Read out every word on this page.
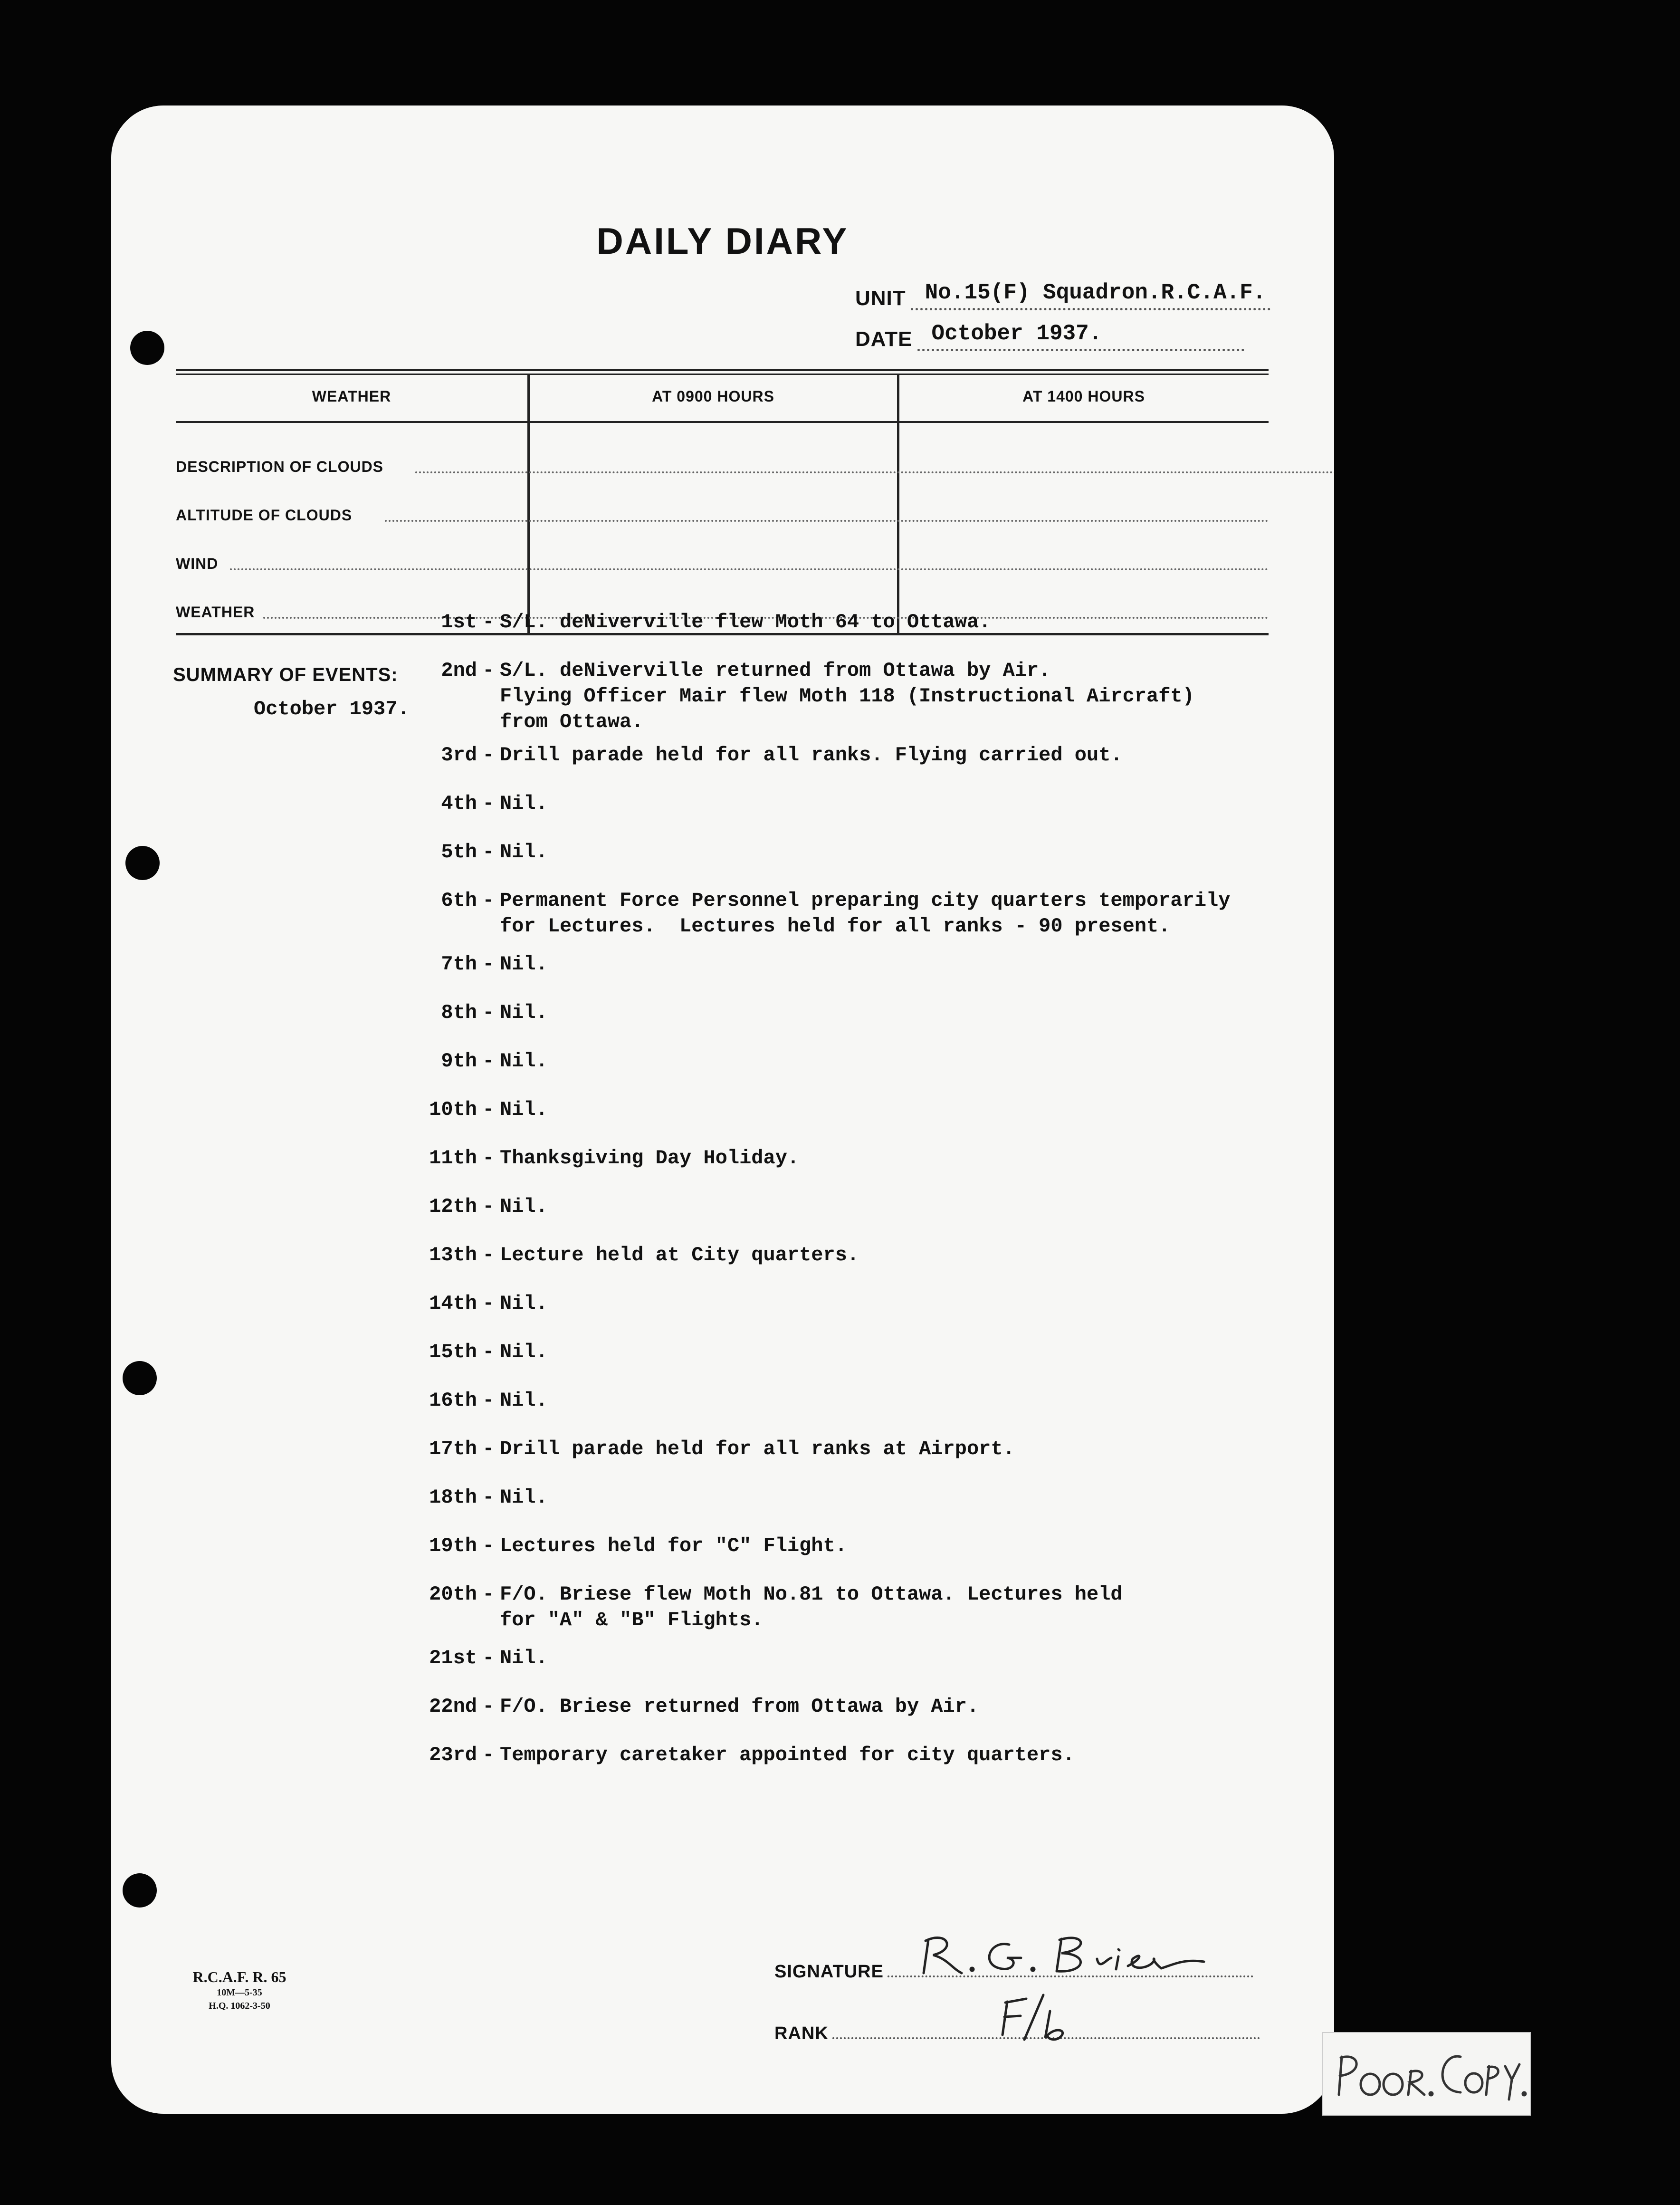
DAILY DIARY
UNIT No.15(F) Squadron.R.C.A.F.
DATE October 1937.
WEATHER	AT 0900 HOURS	AT 1400 HOURS
DESCRIPTION OF CLOUDS
ALTITUDE OF CLOUDS
WIND
WEATHER
SUMMARY OF EVENTS:
October 1937.
R.C.A.F. R. 65
10M—5-35
H.Q. 1062-3-50
SIGNATURE
RANK
1st - S/L. deNiverville flew Moth 64 to Ottawa.
2nd - S/L. deNiverville returned from Ottawa by Air.
Flying Officer Mair flew Moth 118 (Instructional Aircraft)
from Ottawa.
3rd - Drill parade held for all ranks. Flying carried out.
4th - Nil.
5th - Nil.
6th - Permanent Force Personnel preparing city quarters temporarily
for Lectures.  Lectures held for all ranks - 90 present.
7th - Nil.
8th - Nil.
9th - Nil.
10th - Nil.
11th - Thanksgiving Day Holiday.
12th - Nil.
13th - Lecture held at City quarters.
14th - Nil.
15th - Nil.
16th - Nil.
17th - Drill parade held for all ranks at Airport.
18th - Nil.
19th - Lectures held for "C" Flight.
20th - F/O. Briese flew Moth No.81 to Ottawa. Lectures held
for "A" & "B" Flights.
21st - Nil.
22nd - F/O. Briese returned from Ottawa by Air.
23rd - Temporary caretaker appointed for city quarters.
